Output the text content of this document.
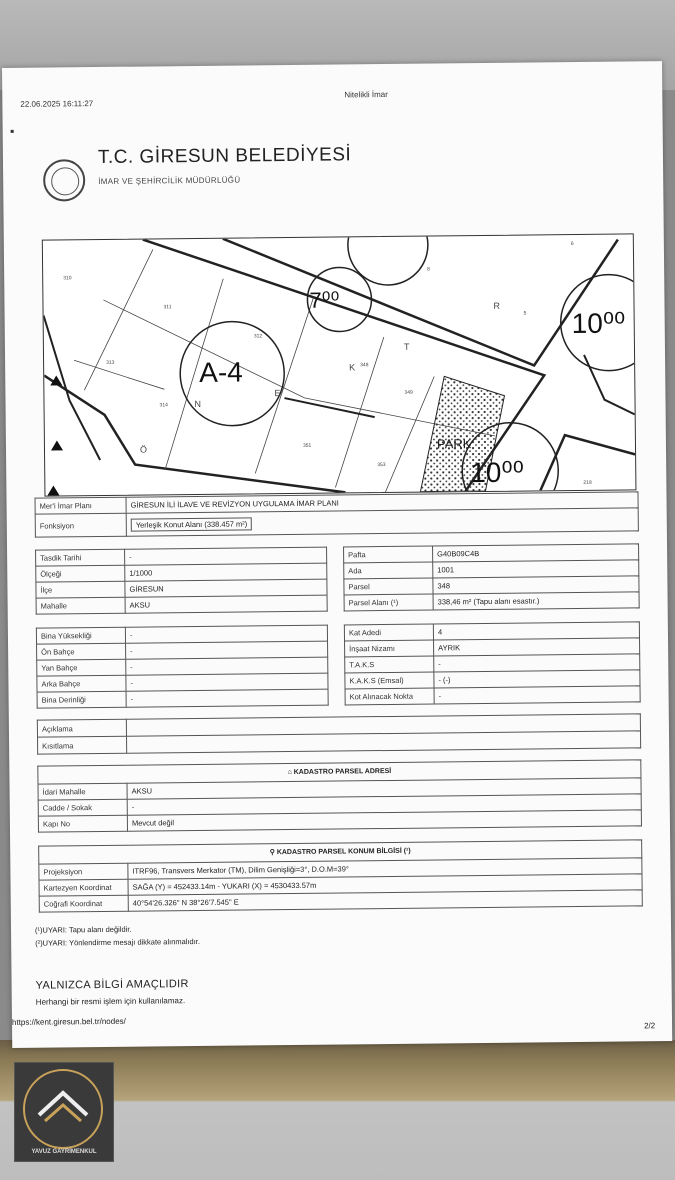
22.06.2025 16:11:27
Nitelikli İmar
T.C. GİRESUN BELEDİYESİ
İMAR VE ŞEHİRCİLİK MÜDÜRLÜĞÜ
7⁰⁰
A-4
10⁰⁰
10⁰⁰
PARK
Ö
N
E
K
T
R
310
311
312
313
314
348
349
351
353
6
8
5
218
Mer'i İmar Planı	GİRESUN İLİ İLAVE VE REVİZYON UYGULAMA İMAR PLANI
Fonksiyon	Yerleşik Konut Alanı (338.457 m²)
Tasdik Tarihi	-
Ölçeği	1/1000
İlçe	GİRESUN
Mahalle	AKSU
Pafta	G40B09C4B
Ada	1001
Parsel	348
Parsel Alanı (¹)	338,46 m² (Tapu alanı esastır.)
Bina Yüksekliği	-
Ön Bahçe	-
Yan Bahçe	-
Arka Bahçe	-
Bina Derinliği	-
Kat Adedi	4
İnşaat Nizamı	AYRIK
T.A.K.S	-
K.A.K.S (Emsal)	- (-)
Kot Alınacak Nokta	-
Açıklama	
Kısıtlama	
⌂ KADASTRO PARSEL ADRESİ	
İdari Mahalle	AKSU
Cadde / Sokak	-
Kapı No	Mevcut değil
⚲ KADASTRO PARSEL KONUM BİLGİSİ (¹)	
Projeksiyon	ITRF96, Transvers Merkator (TM), Dilim Genişliği=3°, D.O.M=39°
Kartezyen Koordinat	SAĞA (Y) = 452433.14m - YUKARI (X) = 4530433.57m
Coğrafi Koordinat	40°54'26.326" N 38°26'7.545" E
(¹)UYARI: Tapu alanı değildir.
(²)UYARI: Yönlendirme mesajı dikkate alınmalıdır.
YALNIZCA BİLGİ AMAÇLIDIR
Herhangi bir resmi işlem için kullanılamaz.
https://kent.giresun.bel.tr/nodes/	2/2
YAVUZ GAYRİMENKUL
